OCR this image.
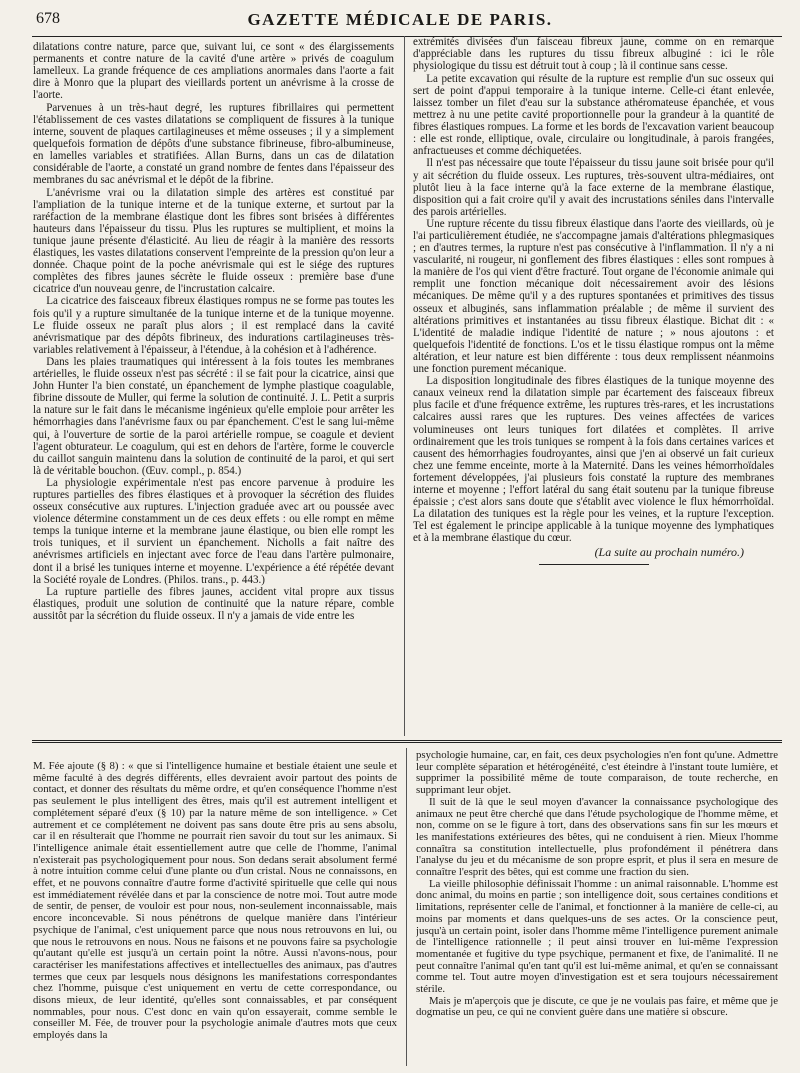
678	GAZETTE MÉDICALE DE PARIS.

dilatations contre nature, parce que, suivant lui, ce sont « des élargissements permanents et contre nature de la cavité d'une artère » privés de coagulum lamelleux. La grande fréquence de ces ampliations anormales dans l'aorte a fait dire à Monro que la plupart des vieillards portent un anévrisme à la crosse de l'aorte.

Parvenues à un très-haut degré, les ruptures fibrillaires qui permettent l'établissement de ces vastes dilatations se compliquent de fissures à la tunique interne, souvent de plaques cartilagineuses et même osseuses ; il y a simplement quelquefois formation de dépôts d'une substance fibrineuse, fibro-albumineuse, en lamelles variables et stratifiées. Allan Burns, dans un cas de dilatation considérable de l'aorte, a constaté un grand nombre de fentes dans l'épaisseur des membranes du sac anévrismal et le dépôt de la fibrine.

L'anévrisme vrai ou la dilatation simple des artères est constitué par l'ampliation de la tunique interne et de la tunique externe, et surtout par la raréfaction de la membrane élastique dont les fibres sont brisées à différentes hauteurs dans l'épaisseur du tissu. Plus les ruptures se multiplient, et moins la tunique jaune présente d'élasticité. Au lieu de réagir à la manière des ressorts élastiques, les vastes dilatations conservent l'empreinte de la pression qu'on leur a donnée. Chaque point de la poche anévrismale qui est le siége des ruptures complètes des fibres jaunes sécrète le fluide osseux : première base d'une cicatrice d'un nouveau genre, de l'incrustation calcaire.

La cicatrice des faisceaux fibreux élastiques rompus ne se forme pas toutes les fois qu'il y a rupture simultanée de la tunique interne et de la tunique moyenne. Le fluide osseux ne paraît plus alors ; il est remplacé dans la cavité anévrismatique par des dépôts fibrineux, des indurations cartilagineuses très-variables relativement à l'épaisseur, à l'étendue, à la cohésion et à l'adhérence.

Dans les plaies traumatiques qui intéressent à la fois toutes les membranes artérielles, le fluide osseux n'est pas sécrété : il se fait pour la cicatrice, ainsi que John Hunter l'a bien constaté, un épanchement de lymphe plastique coagulable, fibrine dissoute de Muller, qui ferme la solution de continuité. J. L. Petit a surpris la nature sur le fait dans le mécanisme ingénieux qu'elle emploie pour arrêter les hémorrhagies dans l'anévrisme faux ou par épanchement. C'est le sang lui-même qui, à l'ouverture de sortie de la paroi artérielle rompue, se coagule et devient l'agent obturateur. Le coagulum, qui est en dehors de l'artère, forme le couvercle du caillot sanguin maintenu dans la solution de continuité de la paroi, et qui sert là de véritable bouchon. (Œuv. compl., p. 854.)

La physiologie expérimentale n'est pas encore parvenue à produire les ruptures partielles des fibres élastiques et à provoquer la sécrétion des fluides osseux consécutive aux ruptures. L'injection graduée avec art ou poussée avec violence détermine constamment un de ces deux effets : ou elle rompt en même temps la tunique interne et la membrane jaune élastique, ou bien elle rompt les trois tuniques, et il survient un épanchement. Nicholls a fait naître des anévrismes artificiels en injectant avec force de l'eau dans l'artère pulmonaire, dont il a brisé les tuniques interne et moyenne. L'expérience a été répétée devant la Société royale de Londres. (Philos. trans., p. 443.)

La rupture partielle des fibres jaunes, accident vital propre aux tissus élastiques, produit une solution de continuité que la nature répare, comble aussitôt par la sécrétion du fluide osseux. Il n'y a jamais de vide entre les

extrémités divisées d'un faisceau fibreux jaune, comme on en remarque d'appréciable dans les ruptures du tissu fibreux albuginé : ici le rôle physiologique du tissu est détruit tout à coup ; là il continue sans cesse.

La petite excavation qui résulte de la rupture est remplie d'un suc osseux qui sert de point d'appui temporaire à la tunique interne. Celle-ci étant enlevée, laissez tomber un filet d'eau sur la substance athéromateuse épanchée, et vous mettrez à nu une petite cavité proportionnelle pour la grandeur à la quantité de fibres élastiques rompues. La forme et les bords de l'excavation varient beaucoup : elle est ronde, elliptique, ovale, circulaire ou longitudinale, à parois frangées, anfractueuses et comme déchiquetées.

Il n'est pas nécessaire que toute l'épaisseur du tissu jaune soit brisée pour qu'il y ait sécrétion du fluide osseux. Les ruptures, très-souvent ultra-médiaires, ont plutôt lieu à la face interne qu'à la face externe de la membrane élastique, disposition qui a fait croire qu'il y avait des incrustations séniles dans l'intervalle des parois artérielles.

Une rupture récente du tissu fibreux élastique dans l'aorte des vieillards, où je l'ai particulièrement étudiée, ne s'accompagne jamais d'altérations phlegmasiques ; en d'autres termes, la rupture n'est pas consécutive à l'inflammation. Il n'y a ni vascularité, ni rougeur, ni gonflement des fibres élastiques : elles sont rompues à la manière de l'os qui vient d'être fracturé. Tout organe de l'économie animale qui remplit une fonction mécanique doit nécessairement avoir des lésions mécaniques. De même qu'il y a des ruptures spontanées et primitives des tissus osseux et albuginés, sans inflammation préalable ; de même il survient des altérations primitives et instantanées au tissu fibreux élastique. Bichat dit : « L'identité de maladie indique l'identité de nature ; » nous ajoutons : et quelquefois l'identité de fonctions. L'os et le tissu élastique rompus ont la même altération, et leur nature est bien différente : tous deux remplissent néanmoins une fonction purement mécanique.

La disposition longitudinale des fibres élastiques de la tunique moyenne des canaux veineux rend la dilatation simple par écartement des faisceaux fibreux plus facile et d'une fréquence extrême, les ruptures très-rares, et les incrustations calcaires aussi rares que les ruptures. Des veines affectées de varices volumineuses ont leurs tuniques fort dilatées et complètes. Il arrive ordinairement que les trois tuniques se rompent à la fois dans certaines varices et causent des hémorrhagies foudroyantes, ainsi que j'en ai observé un fait curieux chez une femme enceinte, morte à la Maternité. Dans les veines hémorrhoïdales fortement développées, j'ai plusieurs fois constaté la rupture des membranes interne et moyenne ; l'effort latéral du sang était soutenu par la tunique fibreuse épaissie ; c'est alors sans doute que s'établit avec violence le flux hémorrhoïdal. La dilatation des tuniques est la règle pour les veines, et la rupture l'exception. Tel est également le principe applicable à la tunique moyenne des lymphatiques et à la membrane élastique du cœur.

(La suite au prochain numéro.)

M. Fée ajoute (§ 8) : « que si l'intelligence humaine et bestiale étaient une seule et même faculté à des degrés différents, elles devraient avoir partout des points de contact, et donner des résultats du même ordre, et qu'en conséquence l'homme n'est pas seulement le plus intelligent des êtres, mais qu'il est autrement intelligent et complétement séparé d'eux (§ 10) par la nature même de son intelligence. » Cet autrement et ce complétement ne doivent pas sans doute être pris au sens absolu, car il en résulterait que l'homme ne pourrait rien savoir du tout sur les animaux. Si l'intelligence animale était essentiellement autre que celle de l'homme, l'animal n'existerait pas psychologiquement pour nous. Son dedans serait absolument fermé à notre intuition comme celui d'une plante ou d'un cristal. Nous ne connaissons, en effet, et ne pouvons connaître d'autre forme d'activité spirituelle que celle qui nous est immédiatement révélée dans et par la conscience de notre moi. Tout autre mode de sentir, de penser, de vouloir est pour nous, non-seulement inconnaissable, mais encore inconcevable. Si nous pénétrons de quelque manière dans l'intérieur psychique de l'animal, c'est uniquement parce que nous nous retrouvons en lui, ou que nous le retrouvons en nous. Nous ne faisons et ne pouvons faire sa psychologie qu'autant qu'elle est jusqu'à un certain point la nôtre. Aussi n'avons-nous, pour caractériser les manifestations affectives et intellectuelles des animaux, pas d'autres termes que ceux par lesquels nous désignons les manifestations correspondantes chez l'homme, puisque c'est uniquement en vertu de cette correspondance, ou disons mieux, de leur identité, qu'elles sont connaissables, et par conséquent nommables, pour nous. C'est donc en vain qu'on essayerait, comme semble le conseiller M. Fée, de trouver pour la psychologie animale d'autres mots que ceux employés dans la

psychologie humaine, car, en fait, ces deux psychologies n'en font qu'une. Admettre leur complète séparation et hétérogénéité, c'est éteindre à l'instant toute lumière, et supprimer la possibilité même de toute comparaison, de toute recherche, en supprimant leur objet.

Il suit de là que le seul moyen d'avancer la connaissance psychologique des animaux ne peut être cherché que dans l'étude psychologique de l'homme même, et non, comme on se le figure à tort, dans des observations sans fin sur les mœurs et les manifestations extérieures des bêtes, qui ne conduisent à rien. Mieux l'homme connaîtra sa constitution intellectuelle, plus profondément il pénétrera dans l'analyse du jeu et du mécanisme de son propre esprit, et plus il sera en mesure de connaître l'esprit des bêtes, qui est comme une fraction du sien.

La vieille philosophie définissait l'homme : un animal raisonnable. L'homme est donc animal, du moins en partie ; son intelligence doit, sous certaines conditions et limitations, représenter celle de l'animal, et fonctionner à la manière de celle-ci, au moins par moments et dans quelques-uns de ses actes. Or la conscience peut, jusqu'à un certain point, isoler dans l'homme même l'intelligence purement animale de l'intelligence rationnelle ; il peut ainsi trouver en lui-même l'expression momentanée et fugitive du type psychique, permanent et fixe, de l'animalité. Il ne peut connaître l'animal qu'en tant qu'il est lui-même animal, et qu'en se connaissant comme tel. Tout autre moyen d'investigation est et sera toujours nécessairement stérile.

Mais je m'aperçois que je discute, ce que je ne voulais pas faire, et même que je dogmatise un peu, ce qui ne convient guère dans une matière si obscure.
